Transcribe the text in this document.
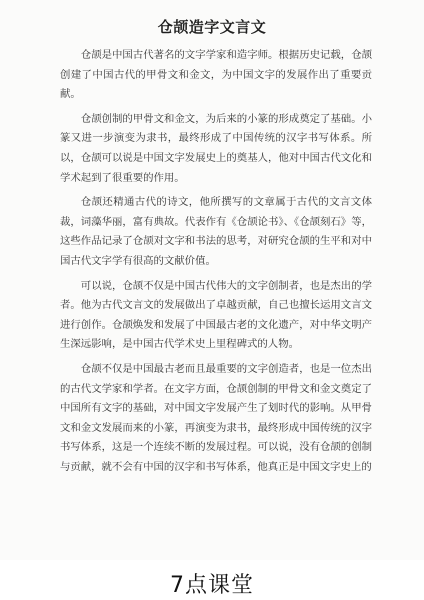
仓颉造字文言文

仓颉是中国古代著名的文字学家和造字师。根据历史记载，仓颉创建了中国古代的甲骨文和金文，为中国文字的发展作出了重要贡献。

仓颉创制的甲骨文和金文，为后来的小篆的形成奠定了基础。小篆又进一步演变为隶书，最终形成了中国传统的汉字书写体系。所以，仓颉可以说是中国文字发展史上的奠基人，他对中国古代文化和学术起到了很重要的作用。

仓颉还精通古代的诗文，他所撰写的文章属于古代的文言文体裁，词藻华丽，富有典故。代表作有《仓颉论书》、《仓颉刻石》等，这些作品记录了仓颉对文字和书法的思考，对研究仓颉的生平和对中国古代文字学有很高的文献价值。

可以说，仓颉不仅是中国古代伟大的文字创制者，也是杰出的学者。他为古代文言文的发展做出了卓越贡献，自己也擅长运用文言文进行创作。仓颉焕发和发展了中国最古老的文化遗产，对中华文明产生深远影响，是中国古代学术史上里程碑式的人物。

仓颉不仅是中国最古老而且最重要的文字创造者，也是一位杰出的古代文学家和学者。在文字方面，仓颉创制的甲骨文和金文奠定了中国所有文字的基础，对中国文字发展产生了划时代的影响。从甲骨文和金文发展而来的小篆，再演变为隶书，最终形成中国传统的汉字书写体系，这是一个连续不断的发展过程。可以说，没有仓颉的创制与贡献，就不会有中国的汉字和书写体系，他真正是中国文字史上的

7点课堂
